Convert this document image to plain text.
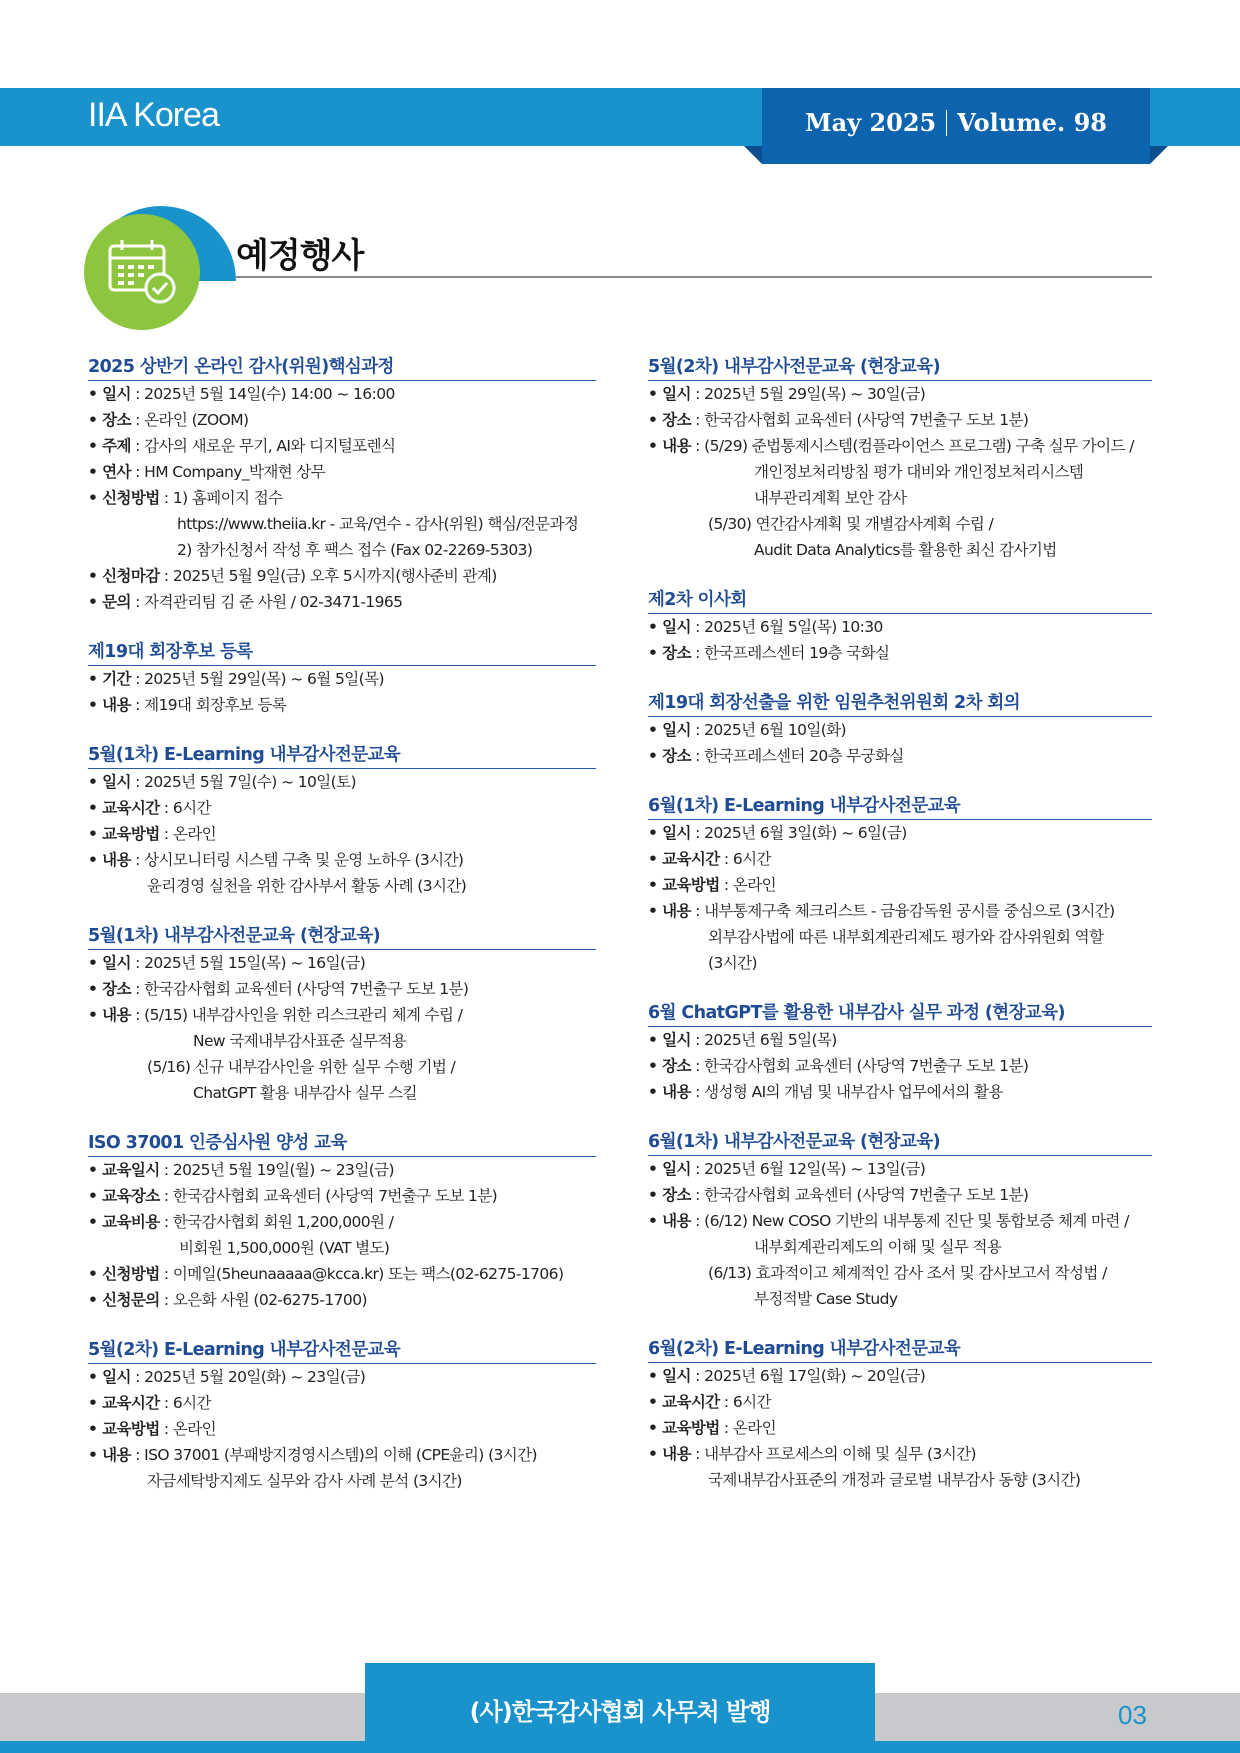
IIA Korea	May 2025 Volume. 98
예정행사
2025 상반기 온라인 감사(위원)핵심과정
• 일시 : 2025년 5월 14일(수) 14:00 ~ 16:00
• 장소 : 온라인 (ZOOM)
• 주제 : 감사의 새로운 무기, AI와 디지털포렌식
• 연사 : HM Company_박재현 상무
• 신청방법 : 1) 홈페이지 접수
https://www.theiia.kr - 교육/연수 - 감사(위원) 핵심/전문과정
2) 참가신청서 작성 후 팩스 접수 (Fax 02-2269-5303)
• 신청마감 : 2025년 5월 9일(금) 오후 5시까지(행사준비 관계)
• 문의 : 자격관리팀 김 준 사원 / 02-3471-1965
제19대 회장후보 등록
• 기간 : 2025년 5월 29일(목) ~ 6월 5일(목)
• 내용 : 제19대 회장후보 등록
5월(1차) E-Learning 내부감사전문교육
• 일시 : 2025년 5월 7일(수) ~ 10일(토)
• 교육시간 : 6시간
• 교육방법 : 온라인
• 내용 : 상시모니터링 시스템 구축 및 운영 노하우 (3시간)
윤리경영 실천을 위한 감사부서 활동 사례 (3시간)
5월(1차) 내부감사전문교육 (현장교육)
• 일시 : 2025년 5월 15일(목) ~ 16일(금)
• 장소 : 한국감사협회 교육센터 (사당역 7번출구 도보 1분)
• 내용 : (5/15) 내부감사인을 위한 리스크관리 체계 수립 /
New 국제내부감사표준 실무적용
(5/16) 신규 내부감사인을 위한 실무 수행 기법 /
ChatGPT 활용 내부감사 실무 스킬
ISO 37001 인증심사원 양성 교육
• 교육일시 : 2025년 5월 19일(월) ~ 23일(금)
• 교육장소 : 한국감사협회 교육센터 (사당역 7번출구 도보 1분)
• 교육비용 : 한국감사협회 회원 1,200,000원 /
비회원 1,500,000원 (VAT 별도)
• 신청방법 : 이메일(5heunaaaaa@kcca.kr) 또는 팩스(02-6275-1706)
• 신청문의 : 오은화 사원 (02-6275-1700)
5월(2차) E-Learning 내부감사전문교육
• 일시 : 2025년 5월 20일(화) ~ 23일(금)
• 교육시간 : 6시간
• 교육방법 : 온라인
• 내용 : ISO 37001 (부패방지경영시스템)의 이해 (CPE윤리) (3시간)
자금세탁방지제도 실무와 감사 사례 분석 (3시간)
5월(2차) 내부감사전문교육 (현장교육)
• 일시 : 2025년 5월 29일(목) ~ 30일(금)
• 장소 : 한국감사협회 교육센터 (사당역 7번출구 도보 1분)
• 내용 : (5/29) 준법통제시스템(컴플라이언스 프로그램) 구축 실무 가이드 /
개인정보처리방침 평가 대비와 개인정보처리시스템
내부관리계획 보안 감사
(5/30) 연간감사계획 및 개별감사계획 수립 /
Audit Data Analytics를 활용한 최신 감사기법
제2차 이사회
• 일시 : 2025년 6월 5일(목) 10:30
• 장소 : 한국프레스센터 19층 국화실
제19대 회장선출을 위한 임원추천위원회 2차 회의
• 일시 : 2025년 6월 10일(화)
• 장소 : 한국프레스센터 20층 무궁화실
6월(1차) E-Learning 내부감사전문교육
• 일시 : 2025년 6월 3일(화) ~ 6일(금)
• 교육시간 : 6시간
• 교육방법 : 온라인
• 내용 : 내부통제구축 체크리스트 - 금융감독원 공시를 중심으로 (3시간)
외부감사법에 따른 내부회계관리제도 평가와 감사위원회 역할
(3시간)
6월 ChatGPT를 활용한 내부감사 실무 과정 (현장교육)
• 일시 : 2025년 6월 5일(목)
• 장소 : 한국감사협회 교육센터 (사당역 7번출구 도보 1분)
• 내용 : 생성형 AI의 개념 및 내부감사 업무에서의 활용
6월(1차) 내부감사전문교육 (현장교육)
• 일시 : 2025년 6월 12일(목) ~ 13일(금)
• 장소 : 한국감사협회 교육센터 (사당역 7번출구 도보 1분)
• 내용 : (6/12) New COSO 기반의 내부통제 진단 및 통합보증 체계 마련 /
내부회계관리제도의 이해 및 실무 적용
(6/13) 효과적이고 체계적인 감사 조서 및 감사보고서 작성법 /
부정적발 Case Study
6월(2차) E-Learning 내부감사전문교육
• 일시 : 2025년 6월 17일(화) ~ 20일(금)
• 교육시간 : 6시간
• 교육방법 : 온라인
• 내용 : 내부감사 프로세스의 이해 및 실무 (3시간)
국제내부감사표준의 개정과 글로벌 내부감사 동향 (3시간)
(사)한국감사협회 사무처 발행	03
